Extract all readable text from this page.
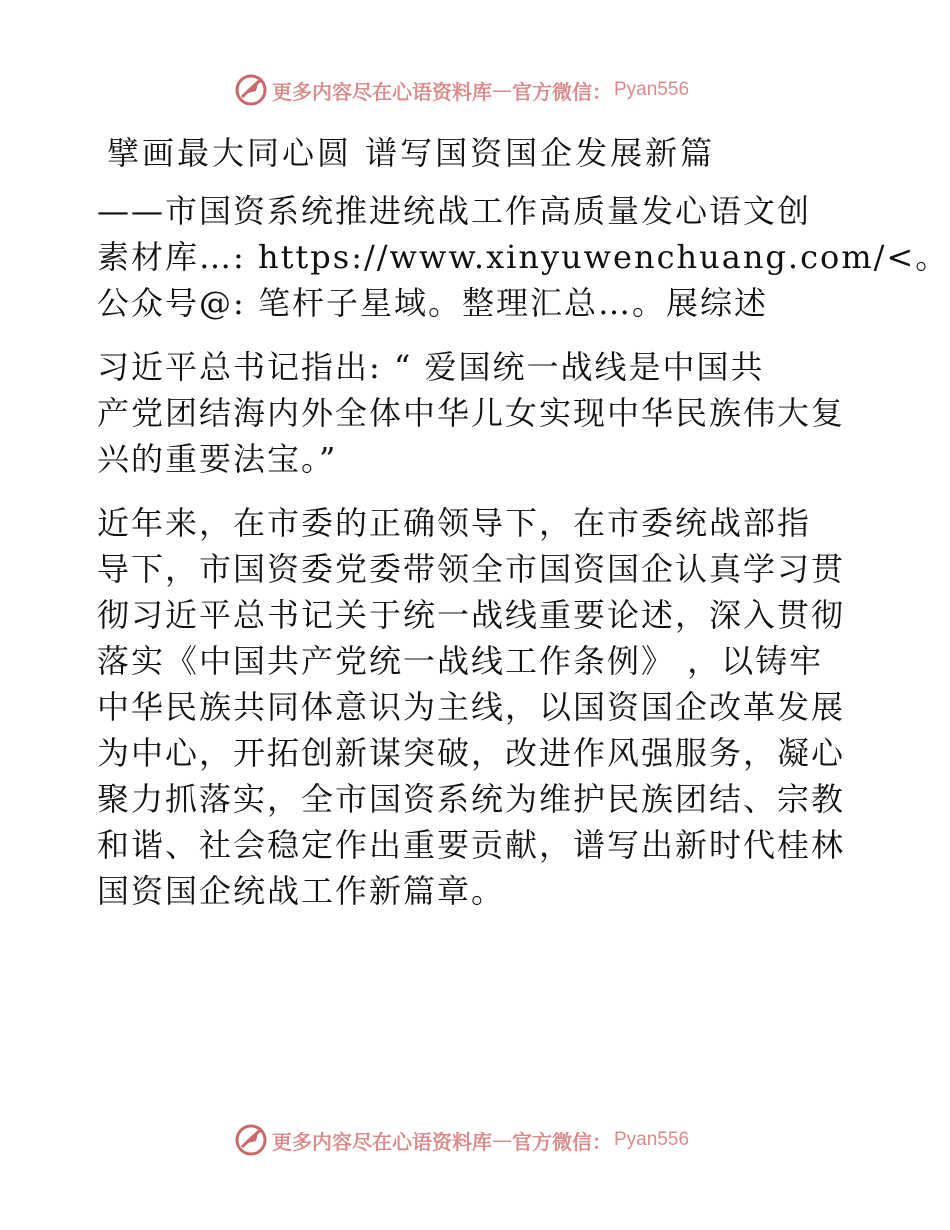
更多内容尽在心语资料库 — 官方微信： Pyan556
擘画最大同心圆 谱写国资国企发展新篇
——市国资系统推进统战工作高质量发心语文创
素材库…: https://www.xinyuwenchuang.com/<。
公众号@: 笔杆子星域。整理汇总…。展综述
习近平总书记指出: “ 爱国统一战线是中国共
产党团结海内外全体中华儿女实现中华民族伟大复
兴的重要法宝。”
近年来，在市委的正确领导下，在市委统战部指
导下，市国资委党委带领全市国资国企认真学习贯
彻习近平总书记关于统一战线重要论述，深入贯彻
落实《中国共产党统一战线工作条例》 ，以铸牢
中华民族共同体意识为主线，以国资国企改革发展
为中心，开拓创新谋突破，改进作风强服务，凝心
聚力抓落实，全市国资系统为维护民族团结、宗教
和谐、社会稳定作出重要贡献，谱写出新时代桂林
国资国企统战工作新篇章。
更多内容尽在心语资料库 — 官方微信： Pyan556
